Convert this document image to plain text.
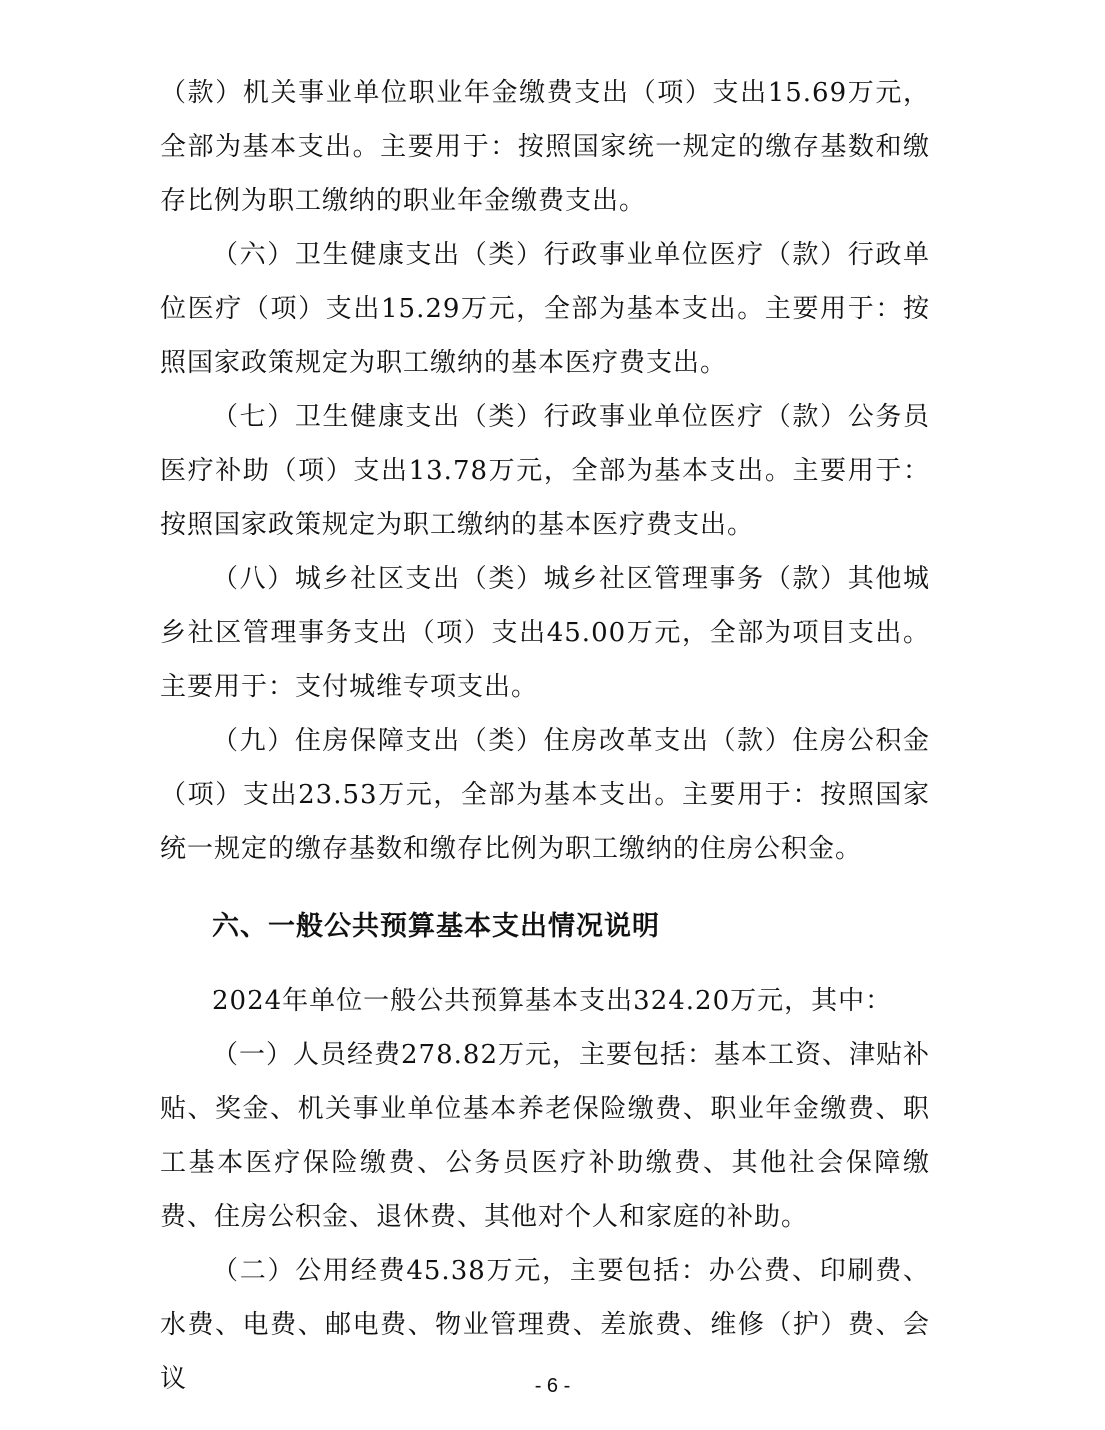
（款）机关事业单位职业年金缴费支出（项）支出15.69万元，全部为基本支出。主要用于：按照国家统一规定的缴存基数和缴存比例为职工缴纳的职业年金缴费支出。

（六）卫生健康支出（类）行政事业单位医疗（款）行政单位医疗（项）支出15.29万元，全部为基本支出。主要用于：按照国家政策规定为职工缴纳的基本医疗费支出。

（七）卫生健康支出（类）行政事业单位医疗（款）公务员医疗补助（项）支出13.78万元，全部为基本支出。主要用于：按照国家政策规定为职工缴纳的基本医疗费支出。

（八）城乡社区支出（类）城乡社区管理事务（款）其他城乡社区管理事务支出（项）支出45.00万元，全部为项目支出。主要用于：支付城维专项支出。

（九）住房保障支出（类）住房改革支出（款）住房公积金（项）支出23.53万元，全部为基本支出。主要用于：按照国家统一规定的缴存基数和缴存比例为职工缴纳的住房公积金。

六、一般公共预算基本支出情况说明

2024年单位一般公共预算基本支出324.20万元，其中：

（一）人员经费278.82万元，主要包括：基本工资、津贴补贴、奖金、机关事业单位基本养老保险缴费、职业年金缴费、职工基本医疗保险缴费、公务员医疗补助缴费、其他社会保障缴费、住房公积金、退休费、其他对个人和家庭的补助。

（二）公用经费45.38万元，主要包括：办公费、印刷费、水费、电费、邮电费、物业管理费、差旅费、维修（护）费、会议	- 6 -
